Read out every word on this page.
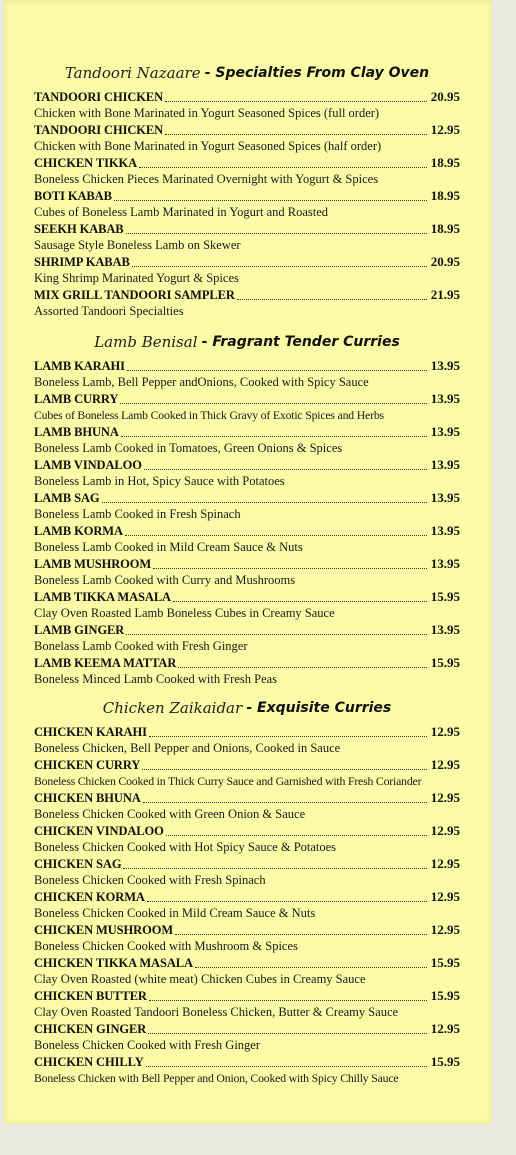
Tandoori Nazaare - Specialties From Clay Oven
TANDOORI CHICKEN	20.95
Chicken with Bone Marinated in Yogurt Seasoned Spices (full order)
TANDOORI CHICKEN	12.95
Chicken with Bone Marinated in Yogurt Seasoned Spices (half order)
CHICKEN TIKKA	18.95
Boneless Chicken Pieces Marinated Overnight with Yogurt & Spices
BOTI KABAB	18.95
Cubes of Boneless Lamb Marinated in Yogurt and Roasted
SEEKH KABAB	18.95
Sausage Style Boneless Lamb on Skewer
SHRIMP KABAB	20.95
King Shrimp Marinated Yogurt & Spices
MIX GRILL TANDOORI SAMPLER	21.95
Assorted Tandoori Specialties
Lamb Benisal - Fragrant Tender Curries
LAMB KARAHI	13.95
Boneless Lamb, Bell Pepper andOnions, Cooked with Spicy Sauce
LAMB CURRY	13.95
Cubes of Boneless Lamb Cooked in Thick Gravy of Exotic Spices and Herbs
LAMB BHUNA	13.95
Boneless Lamb Cooked in Tomatoes, Green Onions & Spices
LAMB VINDALOO	13.95
Boneless Lamb in Hot, Spicy Sauce with Potatoes
LAMB SAG	13.95
Boneless Lamb Cooked in Fresh Spinach
LAMB KORMA	13.95
Boneless Lamb Cooked in Mild Cream Sauce & Nuts
LAMB MUSHROOM	13.95
Boneless Lamb Cooked with Curry and Mushrooms
LAMB TIKKA MASALA	15.95
Clay Oven Roasted Lamb Boneless Cubes in Creamy Sauce
LAMB GINGER	13.95
Bonelass Lamb Cooked with Fresh Ginger
LAMB KEEMA MATTAR	15.95
Boneless Minced Lamb Cooked with Fresh Peas
Chicken Zaikaidar - Exquisite Curries
CHICKEN KARAHI	12.95
Boneless Chicken, Bell Pepper and Onions, Cooked in Sauce
CHICKEN CURRY	12.95
Boneless Chicken Cooked in Thick Curry Sauce and Garnished with Fresh Coriander
CHICKEN BHUNA	12.95
Boneless Chicken Cooked with Green Onion & Sauce
CHICKEN VINDALOO	12.95
Boneless Chicken Cooked with Hot Spicy Sauce & Potatoes
CHICKEN SAG	12.95
Boneless Chicken Cooked with Fresh Spinach
CHICKEN KORMA	12.95
Boneless Chicken Cooked in Mild Cream Sauce & Nuts
CHICKEN MUSHROOM	12.95
Boneless Chicken Cooked with Mushroom & Spices
CHICKEN TIKKA MASALA	15.95
Clay Oven Roasted (white meat) Chicken Cubes in Creamy Sauce
CHICKEN BUTTER	15.95
Clay Oven Roasted Tandoori Boneless Chicken, Butter & Creamy Sauce
CHICKEN GINGER	12.95
Boneless Chicken Cooked with Fresh Ginger
CHICKEN CHILLY	15.95
Boneless Chicken with Bell Pepper and Onion, Cooked with Spicy Chilly Sauce
